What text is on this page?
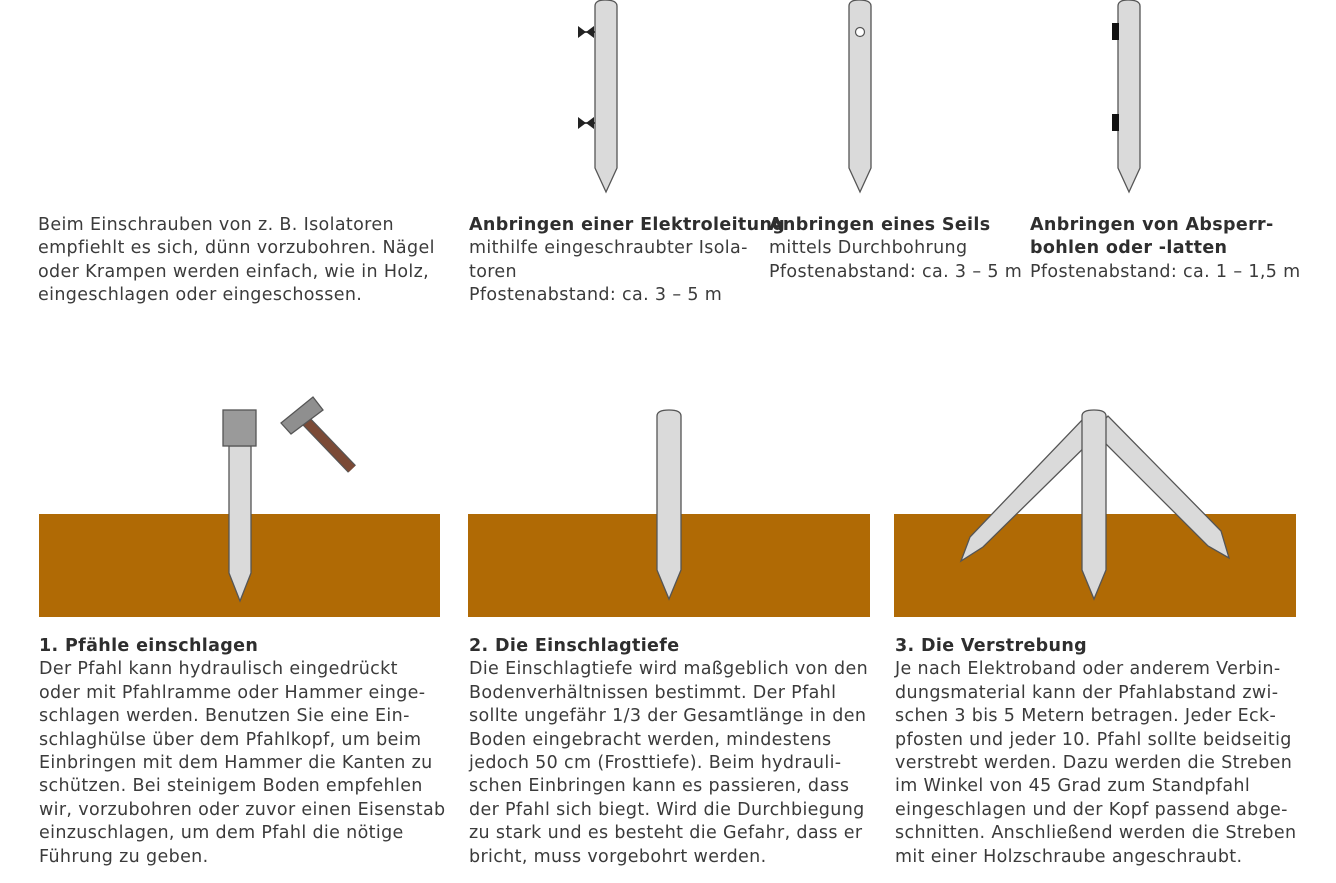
Beim Einschrauben von z. B. Isolatoren
empfiehlt es sich, dünn vorzubohren. Nägel
oder Krampen werden einfach, wie in Holz,
eingeschlagen oder eingeschossen.
Anbringen einer Elektroleitung
mithilfe eingeschraubter Isola-
toren
Pfostenabstand: ca. 3 – 5 m
Anbringen eines Seils
mittels Durchbohrung
Pfostenabstand: ca. 3 – 5 m
Anbringen von Absperr-
bohlen oder -latten
Pfostenabstand: ca. 1 – 1,5 m
1. Pfähle einschlagen
Der Pfahl kann hydraulisch eingedrückt
oder mit Pfahlramme oder Hammer einge-
schlagen werden. Benutzen Sie eine Ein-
schlaghülse über dem Pfahlkopf, um beim
Einbringen mit dem Hammer die Kanten zu
schützen. Bei steinigem Boden empfehlen
wir, vorzubohren oder zuvor einen Eisenstab
einzuschlagen, um dem Pfahl die nötige
Führung zu geben.
2. Die Einschlagtiefe
Die Einschlagtiefe wird maßgeblich von den
Bodenverhältnissen bestimmt. Der Pfahl
sollte ungefähr 1/3 der Gesamtlänge in den
Boden eingebracht werden, mindestens
jedoch 50 cm (Frosttiefe). Beim hydrauli-
schen Einbringen kann es passieren, dass
der Pfahl sich biegt. Wird die Durchbiegung
zu stark und es besteht die Gefahr, dass er
bricht, muss vorgebohrt werden.
3. Die Verstrebung
Je nach Elektroband oder anderem Verbin-
dungsmaterial kann der Pfahlabstand zwi-
schen 3 bis 5 Metern betragen. Jeder Eck-
pfosten und jeder 10. Pfahl sollte beidseitig
verstrebt werden. Dazu werden die Streben
im Winkel von 45 Grad zum Standpfahl
eingeschlagen und der Kopf passend abge-
schnitten. Anschließend werden die Streben
mit einer Holzschraube angeschraubt.
